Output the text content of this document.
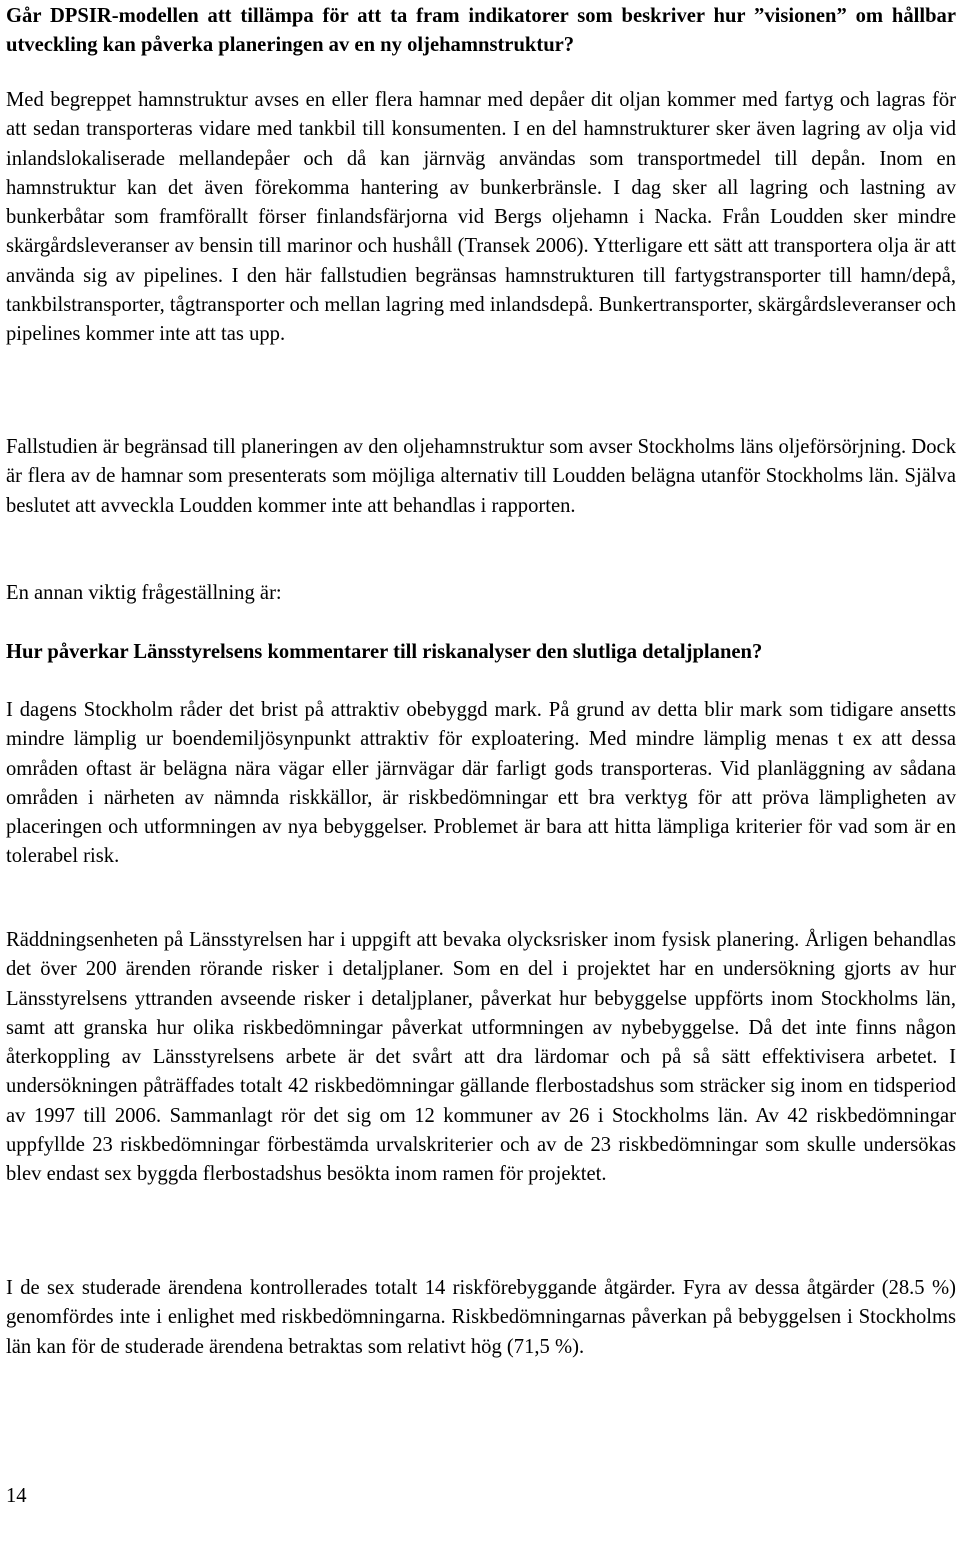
Går DPSIR-modellen att tillämpa för att ta fram indikatorer som beskriver hur ”visionen” om hållbar utveckling kan påverka planeringen av en ny oljehamnstruktur?

Med begreppet hamnstruktur avses en eller flera hamnar med depåer dit oljan kommer med fartyg och lagras för att sedan transporteras vidare med tankbil till konsumenten. I en del hamnstrukturer sker även lagring av olja vid inlandslokaliserade mellandepåer och då kan järnväg användas som transportmedel till depån. Inom en hamnstruktur kan det även förekomma hantering av bunkerbränsle. I dag sker all lagring och lastning av bunkerbåtar som framförallt förser finlandsfärjorna vid Bergs oljehamn i Nacka. Från Loudden sker mindre skärgårdsleveranser av bensin till marinor och hushåll (Transek 2006). Ytterligare ett sätt att transportera olja är att använda sig av pipelines. I den här fallstudien begränsas hamnstrukturen till fartygstransporter till hamn/depå, tankbilstransporter, tågtransporter och mellan lagring med inlandsdepå. Bunkertransporter, skärgårdsleveranser och pipelines kommer inte att tas upp.

Fallstudien är begränsad till planeringen av den oljehamnstruktur som avser Stockholms läns oljeförsörjning. Dock är flera av de hamnar som presenterats som möjliga alternativ till Loudden belägna utanför Stockholms län. Själva beslutet att avveckla Loudden kommer inte att behandlas i rapporten.

En annan viktig frågeställning är:

Hur påverkar Länsstyrelsens kommentarer till riskanalyser den slutliga detaljplanen?

I dagens Stockholm råder det brist på attraktiv obebyggd mark. På grund av detta blir mark som tidigare ansetts mindre lämplig ur boendemiljösynpunkt attraktiv för exploatering. Med mindre lämplig menas t ex att dessa områden oftast är belägna nära vägar eller järnvägar där farligt gods transporteras. Vid planläggning av sådana områden i närheten av nämnda riskkällor, är riskbedömningar ett bra verktyg för att pröva lämpligheten av placeringen och utformningen av nya bebyggelser. Problemet är bara att hitta lämpliga kriterier för vad som är en tolerabel risk.

Räddningsenheten på Länsstyrelsen har i uppgift att bevaka olycksrisker inom fysisk planering. Årligen behandlas det över 200 ärenden rörande risker i detaljplaner. Som en del i projektet har en undersökning gjorts av hur Länsstyrelsens yttranden avseende risker i detaljplaner, påverkat hur bebyggelse uppförts inom Stockholms län, samt att granska hur olika riskbedömningar påverkat utformningen av nybebyggelse. Då det inte finns någon återkoppling av Länsstyrelsens arbete är det svårt att dra lärdomar och på så sätt effektivisera arbetet. I undersökningen påträffades totalt 42 riskbedömningar gällande flerbostadshus som sträcker sig inom en tidsperiod av 1997 till 2006. Sammanlagt rör det sig om 12 kommuner av 26 i Stockholms län. Av 42 riskbedömningar uppfyllde 23 riskbedömningar förbestämda urvalskriterier och av de 23 riskbedömningar som skulle undersökas blev endast sex byggda flerbostadshus besökta inom ramen för projektet.

I de sex studerade ärendena kontrollerades totalt 14 riskförebyggande åtgärder. Fyra av dessa åtgärder (28.5 %) genomfördes inte i enlighet med riskbedömningarna. Riskbedömningarnas påverkan på bebyggelsen i Stockholms län kan för de studerade ärendena betraktas som relativt hög (71,5 %).

14
